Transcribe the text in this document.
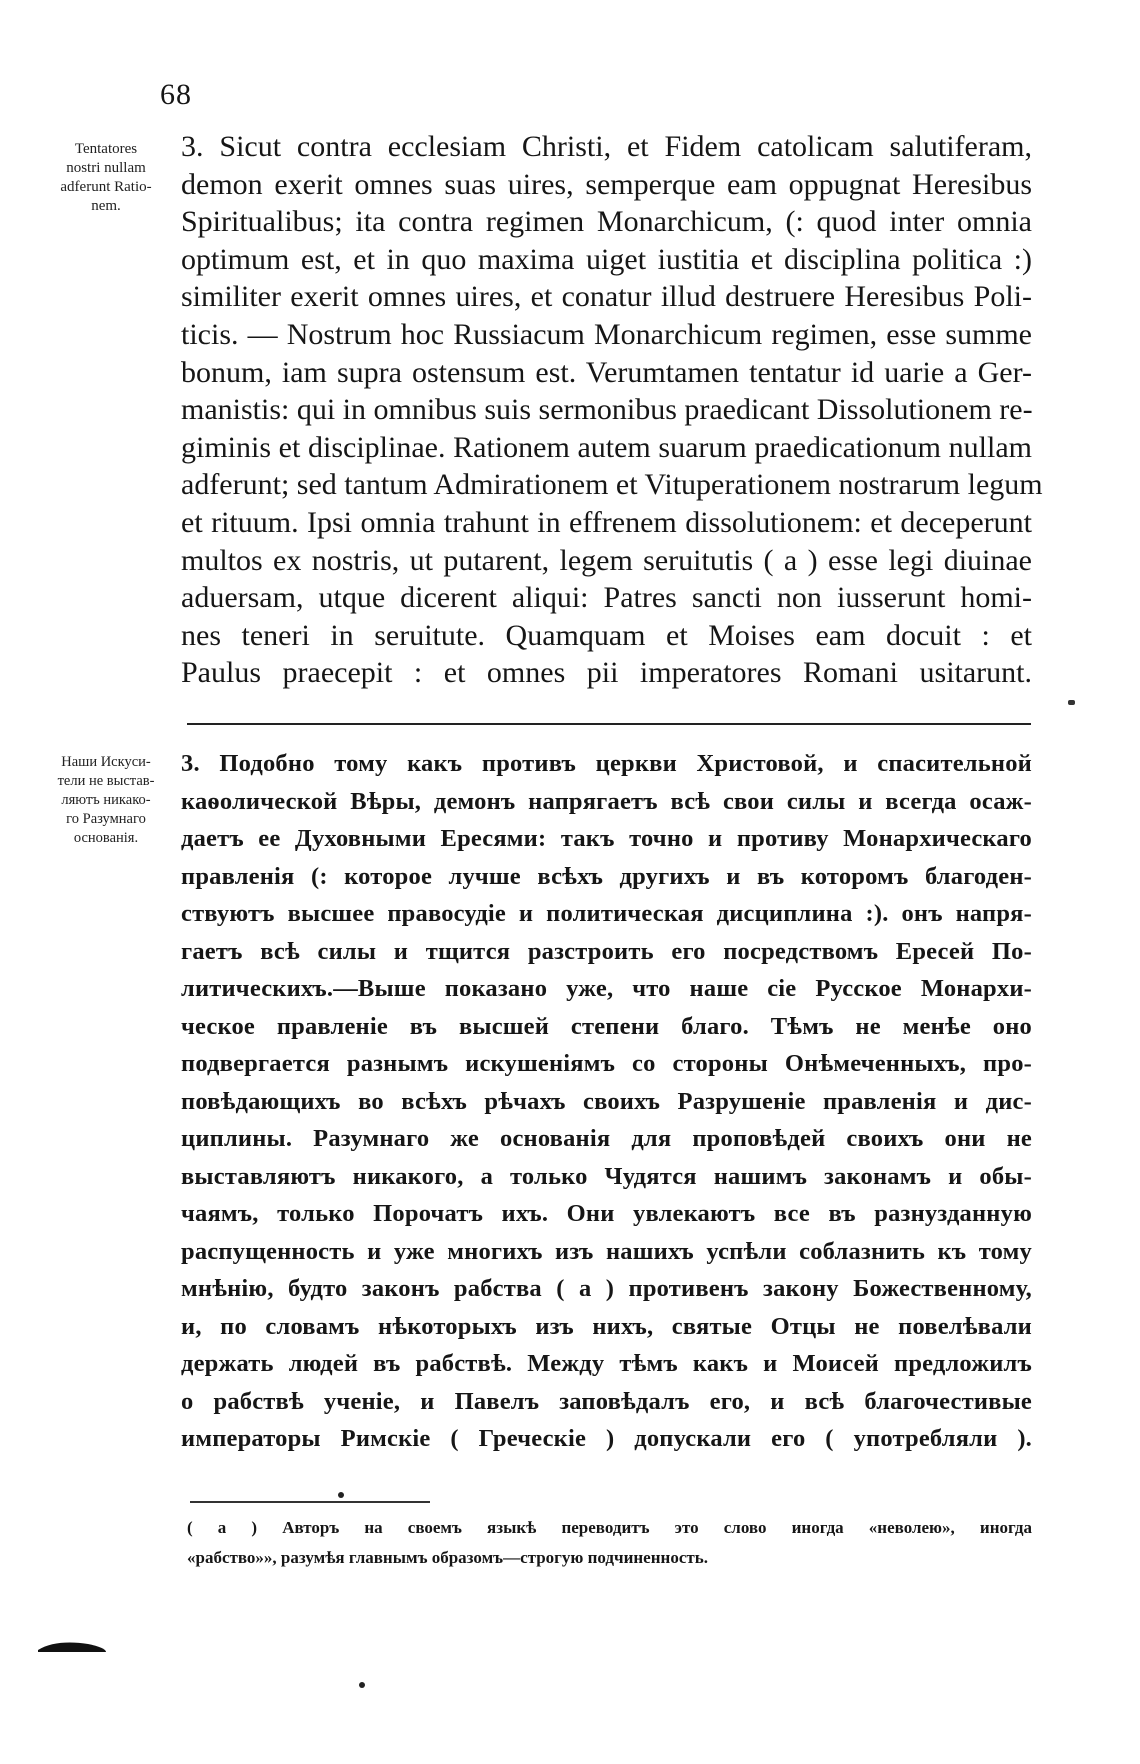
68
Tentatores
nostri nullam
adferunt Ratio-
nem.
3. Sicut contra ecclesiam Christi, et Fidem catolicam salutiferam,
demon exerit omnes suas uires, semperque eam oppugnat Heresibus
Spiritualibus; ita contra regimen Monarchicum, (: quod inter omnia
optimum est, et in quo maxima uiget iustitia et disciplina politica :)
similiter exerit omnes uires, et conatur illud destruere Heresibus Poli-
ticis. — Nostrum hoc Russiacum Monarchicum regimen, esse summe
bonum, iam supra ostensum est. Verumtamen tentatur id uarie a Ger-
manistis: qui in omnibus suis sermonibus praedicant Dissolutionem re-
giminis et disciplinae. Rationem autem suarum praedicationum nullam
adferunt; sed tantum Admirationem et Vituperationem nostrarum legum
et rituum. Ipsi omnia trahunt in effrenem dissolutionem: et deceperunt
multos ex nostris, ut putarent, legem seruitutis ( a ) esse legi diuinae
aduersam, utque dicerent aliqui: Patres sancti non iusserunt homi-
nes teneri in seruitute. Quamquam et Moises eam docuit : et
Paulus praecepit : et omnes pii imperatores Romani usitarunt.
Наши Искуси-
тели не выстав-
ляютъ никако-
го Разумнаго
основанія.
3. Подобно тому какъ противъ церкви Христовой, и спасительной
каѳолической Вѣры, демонъ напрягаетъ всѣ свои силы и всегда осаж-
даетъ ее Духовными Ересями: такъ точно и противу Монархическаго
правленія (: которое лучше всѣхъ другихъ и въ которомъ благоден-
ствуютъ высшее правосудіе и политическая дисциплина :). онъ напря-
гаетъ всѣ силы и тщится разстроить его посредствомъ Ересей По-
литическихъ.—Выше показано уже, что наше сіе Русское Монархи-
ческое правленіе въ высшей степени благо. Тѣмъ не менѣе оно
подвергается разнымъ искушеніямъ со стороны Онѣмеченныхъ, про-
повѣдающихъ во всѣхъ рѣчахъ своихъ Разрушеніе правленія и дис-
циплины. Разумнаго же основанія для проповѣдей своихъ они не
выставляютъ никакого, а только Чудятся нашимъ законамъ и обы-
чаямъ, только Порочатъ ихъ. Они увлекаютъ все въ разнузданную
распущенность и уже многихъ изъ нашихъ успѣли соблазнить къ тому
мнѣнію, будто законъ рабства ( а ) противенъ закону Божественному,
и, по словамъ нѣкоторыхъ изъ нихъ, святые Отцы не повелѣвали
держать людей въ рабствѣ. Между тѣмъ какъ и Моисей предложилъ
о рабствѣ ученіе, и Павелъ заповѣдалъ его, и всѣ благочестивые
императоры Римскіе ( Греческіе ) допускали его ( употребляли ).
( а ) Авторъ на своемъ языкѣ переводитъ это слово иногда «неволею», иногда
«рабство»», разумѣя главнымъ образомъ—строгую подчиненность.
